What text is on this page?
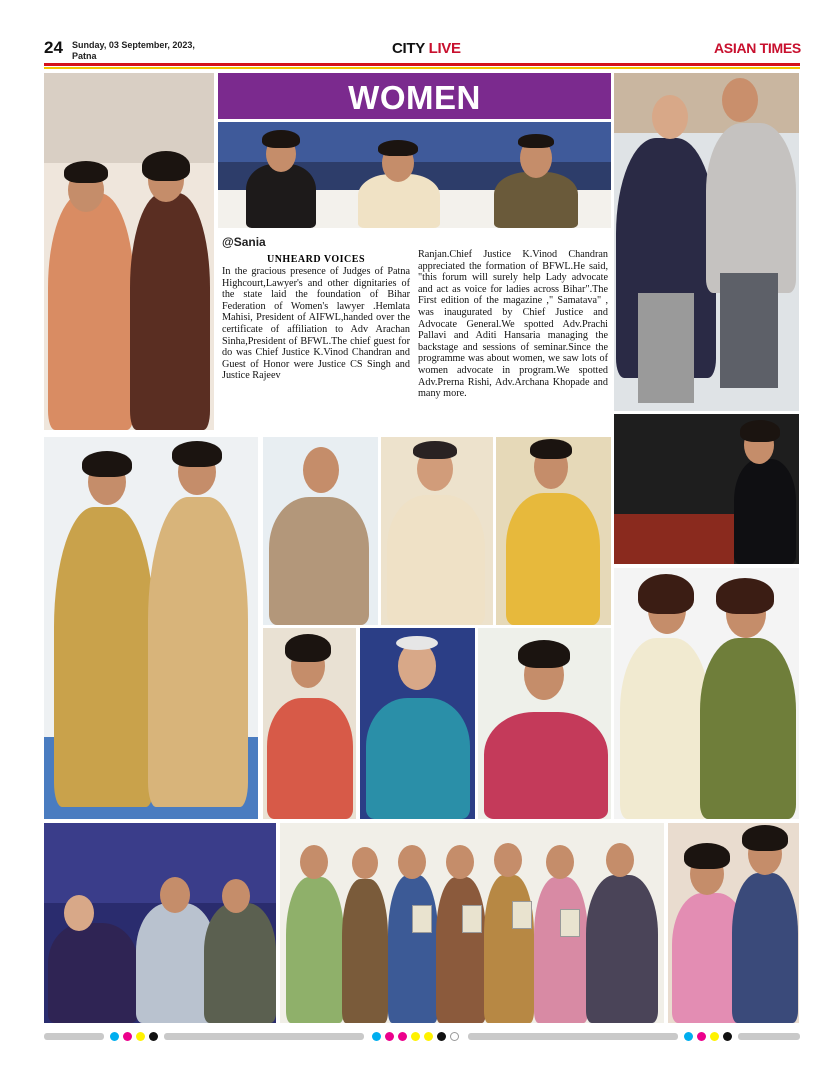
24 Sunday, 03 September, 2023,
Patna	CITY LIVE	ASIAN TIMES
WOMEN
@Sania
UNHEARD VOICES
In the gracious presence of Judges of Patna Highcourt,Lawyer's and other dignitaries of the state laid the foundation of Bihar Federation of Women's lawyer .Hemlata Mahisi, President of AIFWL,handed over the certificate of affiliation to Adv Arachan Sinha,President of BFWL.The chief guest for do was Chief Justice K.Vinod Chandran and Guest of Honor were Justice CS Singh and Justice Rajeev
Ranjan.Chief Justice K.Vinod Chandran appreciated the formation of BFWL.He said, "this forum will surely help Lady advocate and act as voice for ladies across Bihar".The First edition of the magazine ," Samatava" , was inaugurated by Chief Justice and Advocate General.We spotted Adv.Prachi Pallavi and Aditi Hansaria managing the backstage and sessions of seminar.Since the programme was about women, we saw lots of women advocate in program.We spotted Adv.Prerna Rishi, Adv.Archana Khopade and many more.
